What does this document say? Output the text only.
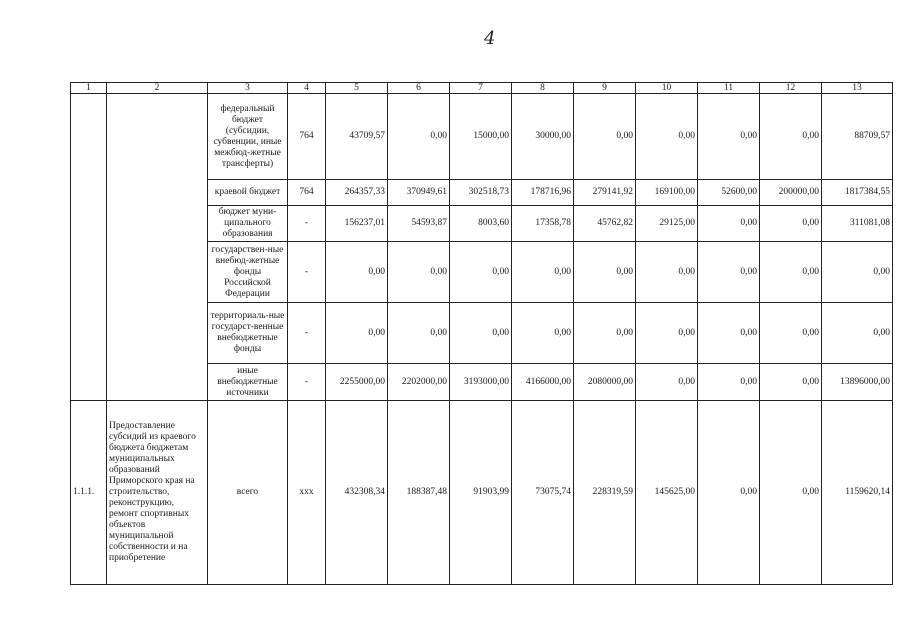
4
1	2	3	4	5	6	7	8	9	10	11	12	13
		федеральный бюджет (субсидии, субвенции, иные межбюд-жетные трансферты)	764	43709,57	0,00	15000,00	30000,00	0,00	0,00	0,00	0,00	88709,57
		краевой бюджет	764	264357,33	370949,61	302518,73	178716,96	279141,92	169100,00	52600,00	200000,00	1817384,55
		бюджет муни-ципального образования	-	156237,01	54593,87	8003,60	17358,78	45762,82	29125,00	0,00	0,00	311081,08
		государствен-ные внебюд-жетные фонды Российской Федерации	-	0,00	0,00	0,00	0,00	0,00	0,00	0,00	0,00	0,00
		территориаль-ные государст-венные внебюджетные фонды	-	0,00	0,00	0,00	0,00	0,00	0,00	0,00	0,00	0,00
		иные внебюджетные источники	-	2255000,00	2202000,00	3193000,00	4166000,00	2080000,00	0,00	0,00	0,00	13896000,00
1.1.1.	Предоставление субсидий из краевого бюджета бюджетам муниципальных образований Приморского края на строительство, реконструкцию, ремонт спортивных объектов муниципальной собственности и на приобретение	всего	ххх	432308,34	188387,48	91903,99	73075,74	228319,59	145625,00	0,00	0,00	1159620,14
